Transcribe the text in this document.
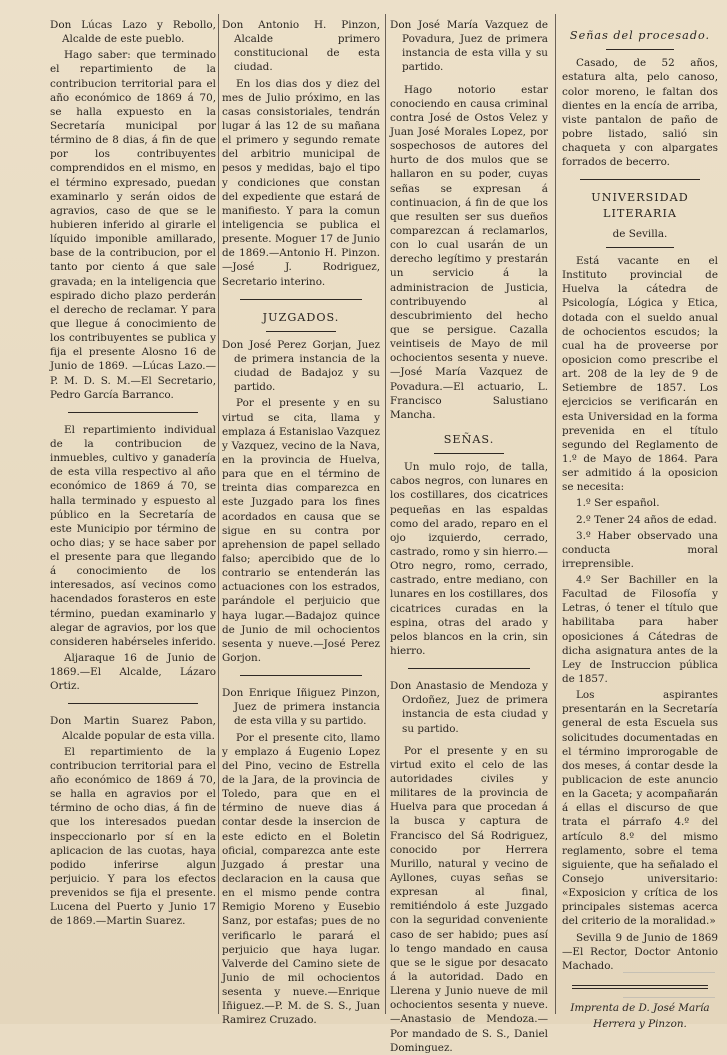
Don Lúcas Lazo y Rebollo, Alcalde de este pueblo.

Hago saber: que terminado el repartimiento de la contribucion territorial para el año económico de 1869 á 70, se halla expuesto en la Secretaría municipal por término de 8 dias, á fin de que por los contribuyentes comprendidos en el mismo, en el término expresado, puedan examinarlo y serán oidos de agravios, caso de que se le hubieren inferido al girarle el líquido imponible amillarado, base de la contribucion, por el tanto por ciento á que sale gravada; en la inteligencia que espirado dicho plazo perderán el derecho de reclamar. Y para que llegue á conocimiento de los contribuyentes se publica y fija el presente Alosno 16 de Junio de 1869. —Lúcas Lazo.—P. M. D. S. M.—El Secretario, Pedro García Barranco.

El repartimiento individual de la contribucion de inmuebles, cultivo y ganadería de esta villa respectivo al año económico de 1869 á 70, se halla terminado y espuesto al público en la Secretaría de este Municipio por término de ocho dias; y se hace saber por el presente para que llegando á conocimiento de los interesados, así vecinos como hacendados forasteros en este término, puedan examinarlo y alegar de agravios, por los que consideren habérseles inferido.

Aljaraque 16 de Junio de 1869.—El Alcalde, Lázaro Ortiz.

Don Martin Suarez Pabon, Alcalde popular de esta villa.

El repartimiento de la contribucion territorial para el año económico de 1869 á 70, se halla en agravios por el término de ocho dias, á fin de que los interesados puedan inspeccionarlo por sí en la aplicacion de las cuotas, haya podido inferirse algun perjuicio. Y para los efectos prevenidos se fija el presente. Lucena del Puerto y Junio 17 de 1869.—Martin Suarez.

Don Antonio H. Pinzon, Alcalde primero constitucional de esta ciudad.

En los dias dos y diez del mes de Julio próximo, en las casas consistoriales, tendrán lugar á las 12 de su mañana el primero y segundo remate del arbitrio municipal de pesos y medidas, bajo el tipo y condiciones que constan del expediente que estará de manifiesto. Y para la comun inteligencia se publica el presente. Moguer 17 de Junio de 1869.—Antonio H. Pinzon.—José J. Rodriguez, Secretario interino.

JUZGADOS.

Don José Perez Gorjan, Juez de primera instancia de la ciudad de Badajoz y su partido.

Por el presente y en su virtud se cita, llama y emplaza á Estanislao Vazquez y Vazquez, vecino de la Nava, en la provincia de Huelva, para que en el término de treinta dias comparezca en este Juzgado para los fines acordados en causa que se sigue en su contra por aprehension de papel sellado falso; apercibido que de lo contrario se entenderán las actuaciones con los estrados, parándole el perjuicio que haya lugar.—Badajoz quince de Junio de mil ochocientos sesenta y nueve.—José Perez Gorjon.

Don Enrique Iñiguez Pinzon, Juez de primera instancia de esta villa y su partido.

Por el presente cito, llamo y emplazo á Eugenio Lopez del Pino, vecino de Estrella de la Jara, de la provincia de Toledo, para que en el término de nueve dias á contar desde la insercion de este edicto en el Boletin oficial, comparezca ante este Juzgado á prestar una declaracion en la causa que en el mismo pende contra Remigio Moreno y Eusebio Sanz, por estafas; pues de no verificarlo le parará el perjuicio que haya lugar. Valverde del Camino siete de Junio de mil ochocientos sesenta y nueve.—Enrique Iñiguez.—P. M. de S. S., Juan Ramirez Cruzado.

Don José María Vazquez de Povadura, Juez de primera instancia de esta villa y su partido.

Hago notorio estar conociendo en causa criminal contra José de Ostos Velez y Juan José Morales Lopez, por sospechosos de autores del hurto de dos mulos que se hallaron en su poder, cuyas señas se expresan á continuacion, á fin de que los que resulten ser sus dueños comparezcan á reclamarlos, con lo cual usarán de un derecho legítimo y prestarán un servicio á la administracion de Justicia, contribuyendo al descubrimiento del hecho que se persigue. Cazalla veintiseis de Mayo de mil ochocientos sesenta y nueve.—José María Vazquez de Povadura.—El actuario, L. Francisco Salustiano Mancha.

SEÑAS.

Un mulo rojo, de talla, cabos negros, con lunares en los costillares, dos cicatrices pequeñas en las espaldas como del arado, reparo en el ojo izquierdo, cerrado, castrado, romo y sin hierro.—Otro negro, romo, cerrado, castrado, entre mediano, con lunares en los costillares, dos cicatrices curadas en la espina, otras del arado y pelos blancos en la crin, sin hierro.

Don Anastasio de Mendoza y Ordoñez, Juez de primera instancia de esta ciudad y su partido.

Por el presente y en su virtud exito el celo de las autoridades civiles y militares de la provincia de Huelva para que procedan á la busca y captura de Francisco del Sá Rodriguez, conocido por Herrera Murillo, natural y vecino de Ayllones, cuyas señas se expresan al final, remitiéndolo á este Juzgado con la seguridad conveniente caso de ser habido; pues así lo tengo mandado en causa que se le sigue por desacato á la autoridad. Dado en Llerena y Junio nueve de mil ochocientos sesenta y nueve.—Anastasio de Mendoza.—Por mandado de S. S., Daniel Dominguez.

Señas del procesado.

Casado, de 52 años, estatura alta, pelo canoso, color moreno, le faltan dos dientes en la encía de arriba, viste pantalon de paño de pobre listado, salió sin chaqueta y con alpargates forrados de becerro.

UNIVERSIDAD LITERARIA

de Sevilla.

Está vacante en el Instituto provincial de Huelva la cátedra de Psicología, Lógica y Etica, dotada con el sueldo anual de ochocientos escudos; la cual ha de proveerse por oposicion como prescribe el art. 208 de la ley de 9 de Setiembre de 1857. Los ejercicios se verificarán en esta Universidad en la forma prevenida en el título segundo del Reglamento de 1.º de Mayo de 1864. Para ser admitido á la oposicion se necesita:

1.º Ser español.

2.º Tener 24 años de edad.

3.º Haber observado una conducta moral irreprensible.

4.º Ser Bachiller en la Facultad de Filosofía y Letras, ó tener el título que habilitaba para haber oposiciones á Cátedras de dicha asignatura antes de la Ley de Instruccion pública de 1857.

Los aspirantes presentarán en la Secretaría general de esta Escuela sus solicitudes documentadas en el término improrogable de dos meses, á contar desde la publicacion de este anuncio en la Gaceta; y acompañarán á ellas el discurso de que trata el párrafo 4.º del artículo 8.º del mismo reglamento, sobre el tema siguiente, que ha señalado el Consejo universitario: «Exposicion y crítica de los principales sistemas acerca del criterio de la moralidad.»

Sevilla 9 de Junio de 1869 —El Rector, Doctor Antonio Machado.

Imprenta de D. José María

Herrera y Pinzon.
